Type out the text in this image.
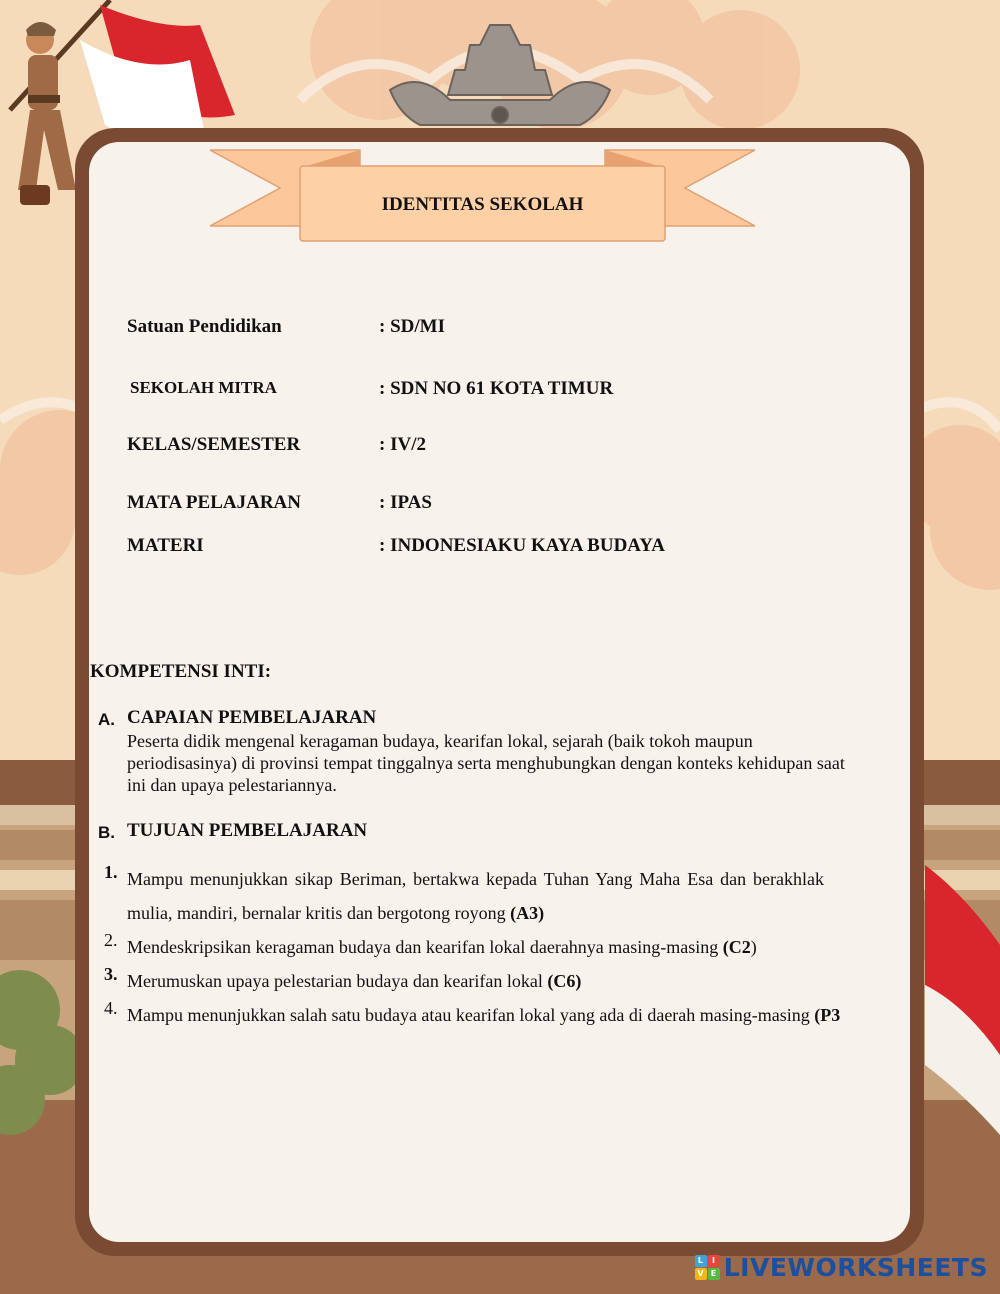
IDENTITAS SEKOLAH
Satuan Pendidikan	: SD/MI
SEKOLAH MITRA	: SDN NO 61 KOTA TIMUR
KELAS/SEMESTER	: IV/2
MATA PELAJARAN	: IPAS
MATERI	: INDONESIAKU KAYA BUDAYA
KOMPETENSI INTI:
A. CAPAIAN PEMBELAJARAN
Peserta didik mengenal keragaman budaya, kearifan lokal, sejarah (baik tokoh maupun periodisasinya) di provinsi tempat tinggalnya serta menghubungkan dengan konteks kehidupan saat ini dan upaya pelestariannya.
B. TUJUAN PEMBELAJARAN
1. Mampu menunjukkan sikap Beriman, bertakwa kepada Tuhan Yang Maha Esa dan berakhlak mulia, mandiri, bernalar kritis dan bergotong royong (A3)
2. Mendeskripsikan keragaman budaya dan kearifan lokal daerahnya masing-masing (C2)
3. Merumuskan upaya pelestarian budaya dan kearifan lokal (C6)
4. Mampu menunjukkan salah satu budaya atau kearifan lokal yang ada di daerah masing-masing (P3
L	I
V E LIVEWORKSHEETS
